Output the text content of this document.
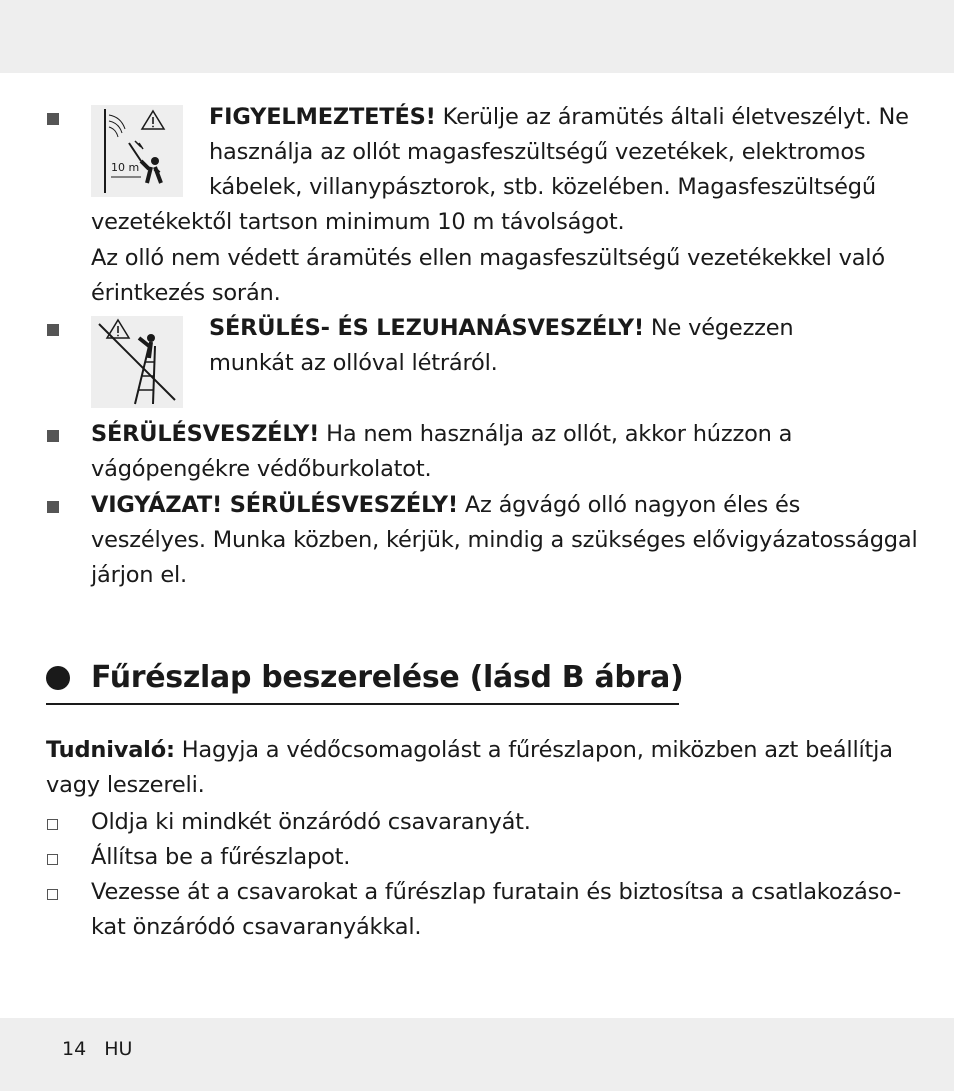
10 m
FIGYELMEZTETÉS! Kerülje az áramütés általi életveszélyt. Ne
használja az ollót magasfeszültségű vezetékek, elektromos
kábelek, villanypásztorok, stb. közelében. Magasfeszültségű
vezetékektől tartson minimum 10 m távolságot.
Az olló nem védett áramütés ellen magasfeszültségű vezetékekkel való
érintkezés során.
SÉRÜLÉS- ÉS LEZUHANÁSVESZÉLY! Ne végezzen
munkát az ollóval létráról.
SÉRÜLÉSVESZÉLY! Ha nem használja az ollót, akkor húzzon a
vágópengékre védőburkolatot.
VIGYÁZAT! SÉRÜLÉSVESZÉLY! Az ágvágó olló nagyon éles és
veszélyes. Munka közben, kérjük, mindig a szükséges elővigyázatossággal
járjon el.
Fűrészlap beszerelése (lásd B ábra)
Tudnivaló: Hagyja a védőcsomagolást a fűrészlapon, miközben azt beállítja
vagy leszereli.
Oldja ki mindkét önzáródó csavaranyát.
Állítsa be a fűrészlapot.
Vezesse át a csavarokat a fűrészlap furatain és biztosítsa a csatlakozáso-
kat önzáródó csavaranyákkal.
14 HU
